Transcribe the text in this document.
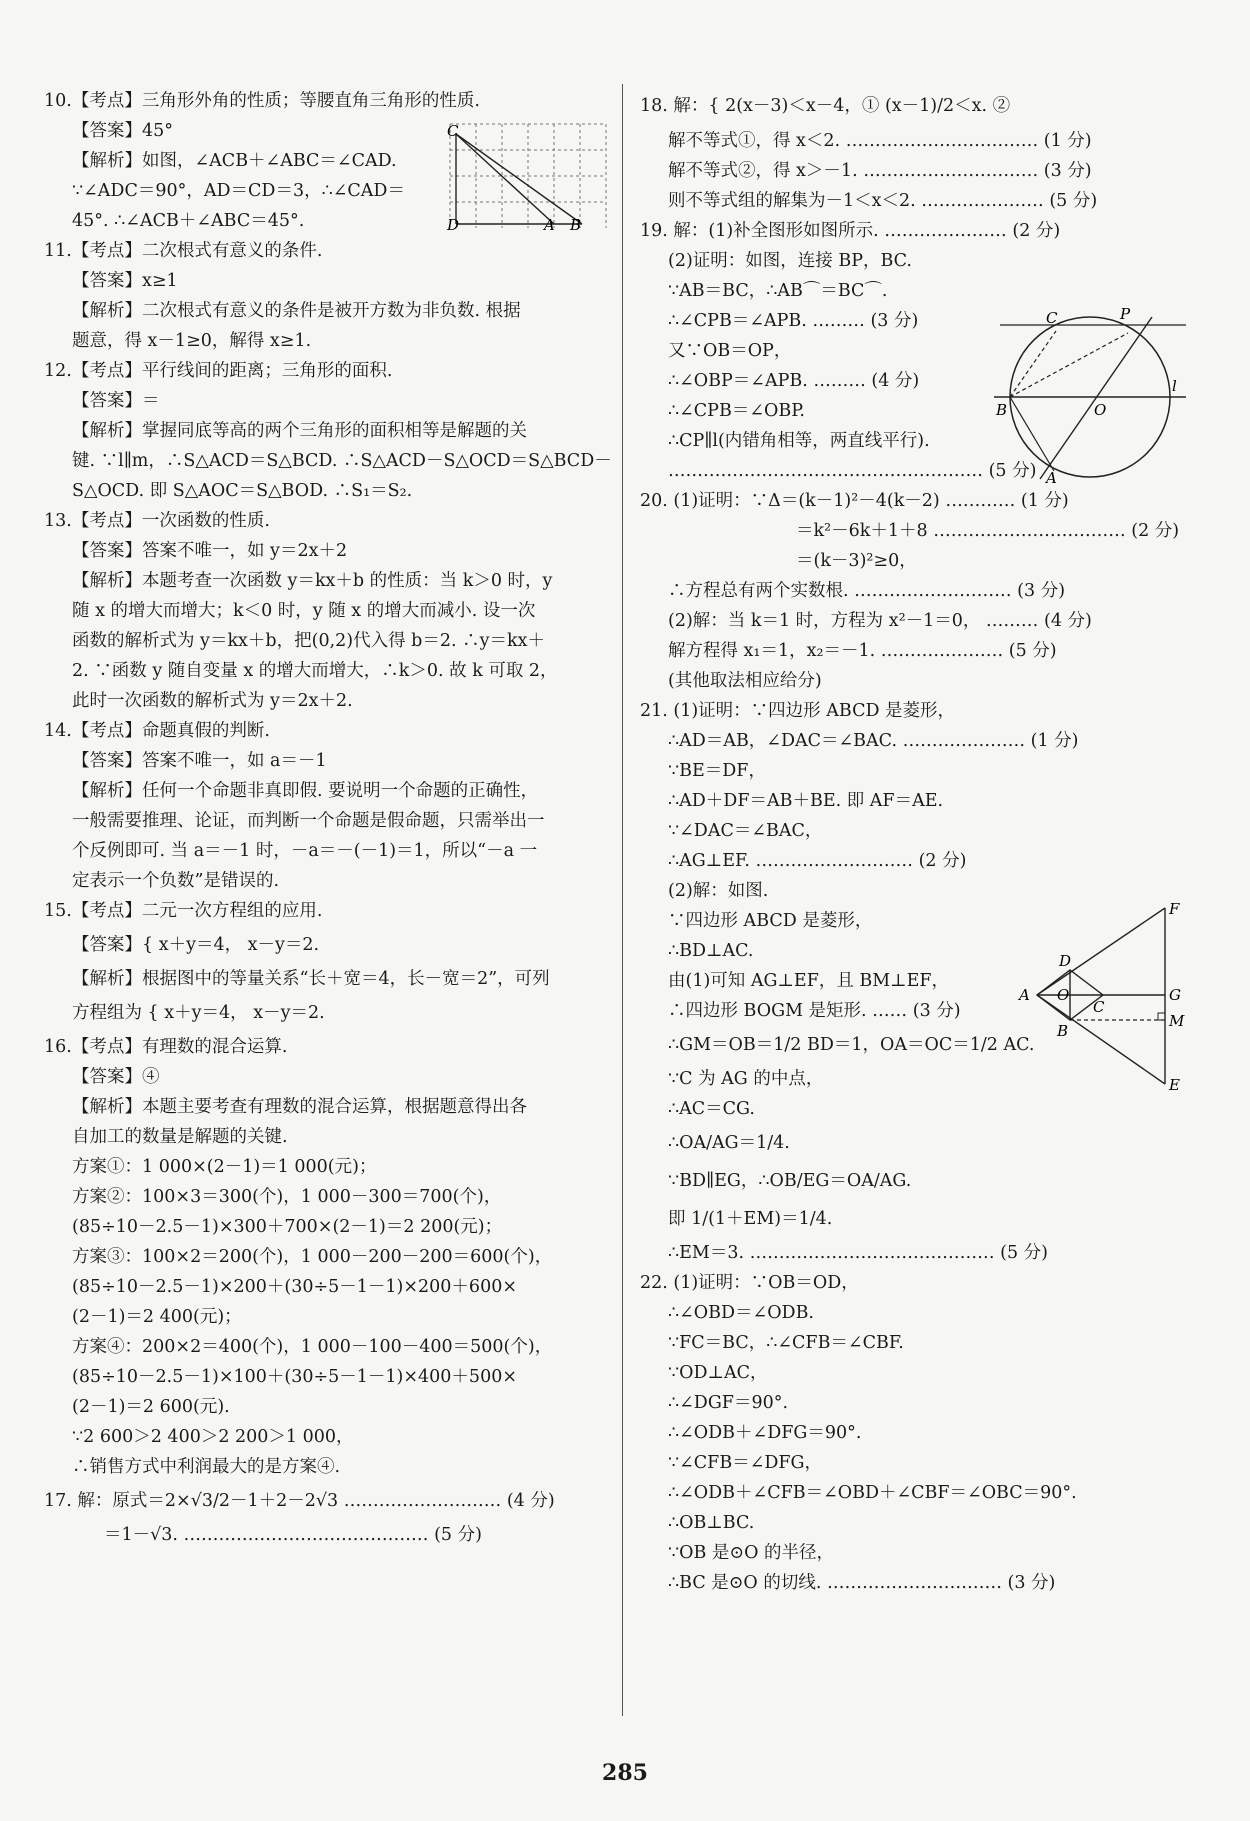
10.【考点】三角形外角的性质；等腰直角三角形的性质.
【答案】45°
【解析】如图，∠ACB＋∠ABC＝∠CAD.
∵∠ADC＝90°，AD＝CD＝3，∴∠CAD＝
45°. ∴∠ACB＋∠ABC＝45°.
11.【考点】二次根式有意义的条件.
【答案】x≥1
【解析】二次根式有意义的条件是被开方数为非负数. 根据
题意，得 x－1≥0，解得 x≥1.
12.【考点】平行线间的距离；三角形的面积.
【答案】＝
【解析】掌握同底等高的两个三角形的面积相等是解题的关
键. ∵l∥m，∴S△ACD＝S△BCD. ∴S△ACD－S△OCD＝S△BCD－
S△OCD. 即 S△AOC＝S△BOD. ∴S₁＝S₂.
13.【考点】一次函数的性质.
【答案】答案不唯一，如 y＝2x＋2
【解析】本题考查一次函数 y＝kx＋b 的性质：当 k＞0 时，y
随 x 的增大而增大；k＜0 时，y 随 x 的增大而减小. 设一次
函数的解析式为 y＝kx＋b，把(0,2)代入得 b＝2. ∴y＝kx＋
2. ∵函数 y 随自变量 x 的增大而增大，∴k＞0. 故 k 可取 2，
此时一次函数的解析式为 y＝2x＋2.
14.【考点】命题真假的判断.
【答案】答案不唯一，如 a＝－1
【解析】任何一个命题非真即假. 要说明一个命题的正确性，
一般需要推理、论证，而判断一个命题是假命题，只需举出一
个反例即可. 当 a＝－1 时，－a＝－(－1)＝1，所以“－a 一
定表示一个负数”是错误的.
15.【考点】二元一次方程组的应用.
【答案】{ x＋y＝4， x－y＝2.
【解析】根据图中的等量关系“长＋宽＝4，长－宽＝2”，可列
方程组为 { x＋y＝4， x－y＝2.
16.【考点】有理数的混合运算.
【答案】④
【解析】本题主要考查有理数的混合运算，根据题意得出各
自加工的数量是解题的关键.
方案①：1 000×(2－1)＝1 000(元)；
方案②：100×3＝300(个)，1 000－300＝700(个)，
(85÷10－2.5－1)×300＋700×(2－1)＝2 200(元)；
方案③：100×2＝200(个)，1 000－200－200＝600(个)，
(85÷10－2.5－1)×200＋(30÷5－1－1)×200＋600×
(2－1)＝2 400(元)；
方案④：200×2＝400(个)，1 000－100－400＝500(个)，
(85÷10－2.5－1)×100＋(30÷5－1－1)×400＋500×
(2－1)＝2 600(元).
∵2 600＞2 400＞2 200＞1 000，
∴销售方式中利润最大的是方案④.
17. 解：原式＝2×√3/2－1＋2－2√3 ……………………… (4 分)
＝1－√3. …………………………………… (5 分)
C
D	A B
18. 解：{ 2(x－3)＜x－4，① (x－1)/2＜x. ②
解不等式①，得 x＜2. …………………………… (1 分)
解不等式②，得 x＞－1. ………………………… (3 分)
则不等式组的解集为－1＜x＜2. ………………… (5 分)
19. 解：(1)补全图形如图所示. ………………… (2 分)
(2)证明：如图，连接 BP，BC.
∵AB＝BC，∴AB⌒＝BC⌒.
∴∠CPB＝∠APB. ……… (3 分)
又∵OB＝OP，
∴∠OBP＝∠APB. ……… (4 分)
∴∠CPB＝∠OBP.
∴CP∥l(内错角相等，两直线平行).
……………………………………………… (5 分)
20. (1)证明：∵Δ＝(k－1)²－4(k－2) ………… (1 分)
＝k²－6k＋1＋8 …………………………… (2 分)
＝(k－3)²≥0，
∴方程总有两个实数根. ……………………… (3 分)
(2)解：当 k＝1 时，方程为 x²－1＝0， ……… (4 分)
解方程得 x₁＝1，x₂＝－1. ………………… (5 分)
(其他取法相应给分)
21. (1)证明：∵四边形 ABCD 是菱形，
∴AD＝AB，∠DAC＝∠BAC. ………………… (1 分)
∵BE＝DF，
∴AD＋DF＝AB＋BE. 即 AF＝AE.
∵∠DAC＝∠BAC，
∴AG⊥EF. ……………………… (2 分)
(2)解：如图.
∵四边形 ABCD 是菱形，
∴BD⊥AC.
由(1)可知 AG⊥EF，且 BM⊥EF，
∴四边形 BOGM 是矩形. …… (3 分)
∴GM＝OB＝1/2 BD＝1，OA＝OC＝1/2 AC.
∵C 为 AG 的中点，
∴AC＝CG.
∴OA/AG＝1/4.
∵BD∥EG，∴OB/EG＝OA/AG.
即 1/(1＋EM)＝1/4.
∴EM＝3. …………………………………… (5 分)
22. (1)证明：∵OB＝OD，
∴∠OBD＝∠ODB.
∵FC＝BC，∴∠CFB＝∠CBF.
∵OD⊥AC，
∴∠DGF＝90°.
∴∠ODB＋∠DFG＝90°.
∵∠CFB＝∠DFG，
∴∠ODB＋∠CFB＝∠OBD＋∠CBF＝∠OBC＝90°.
∴OB⊥BC.
∵OB 是⊙O 的半径，
∴BC 是⊙O 的切线. ………………………… (3 分)
C	P
B	O
l
A
F
D
A O
C
G
B
M
E
285
